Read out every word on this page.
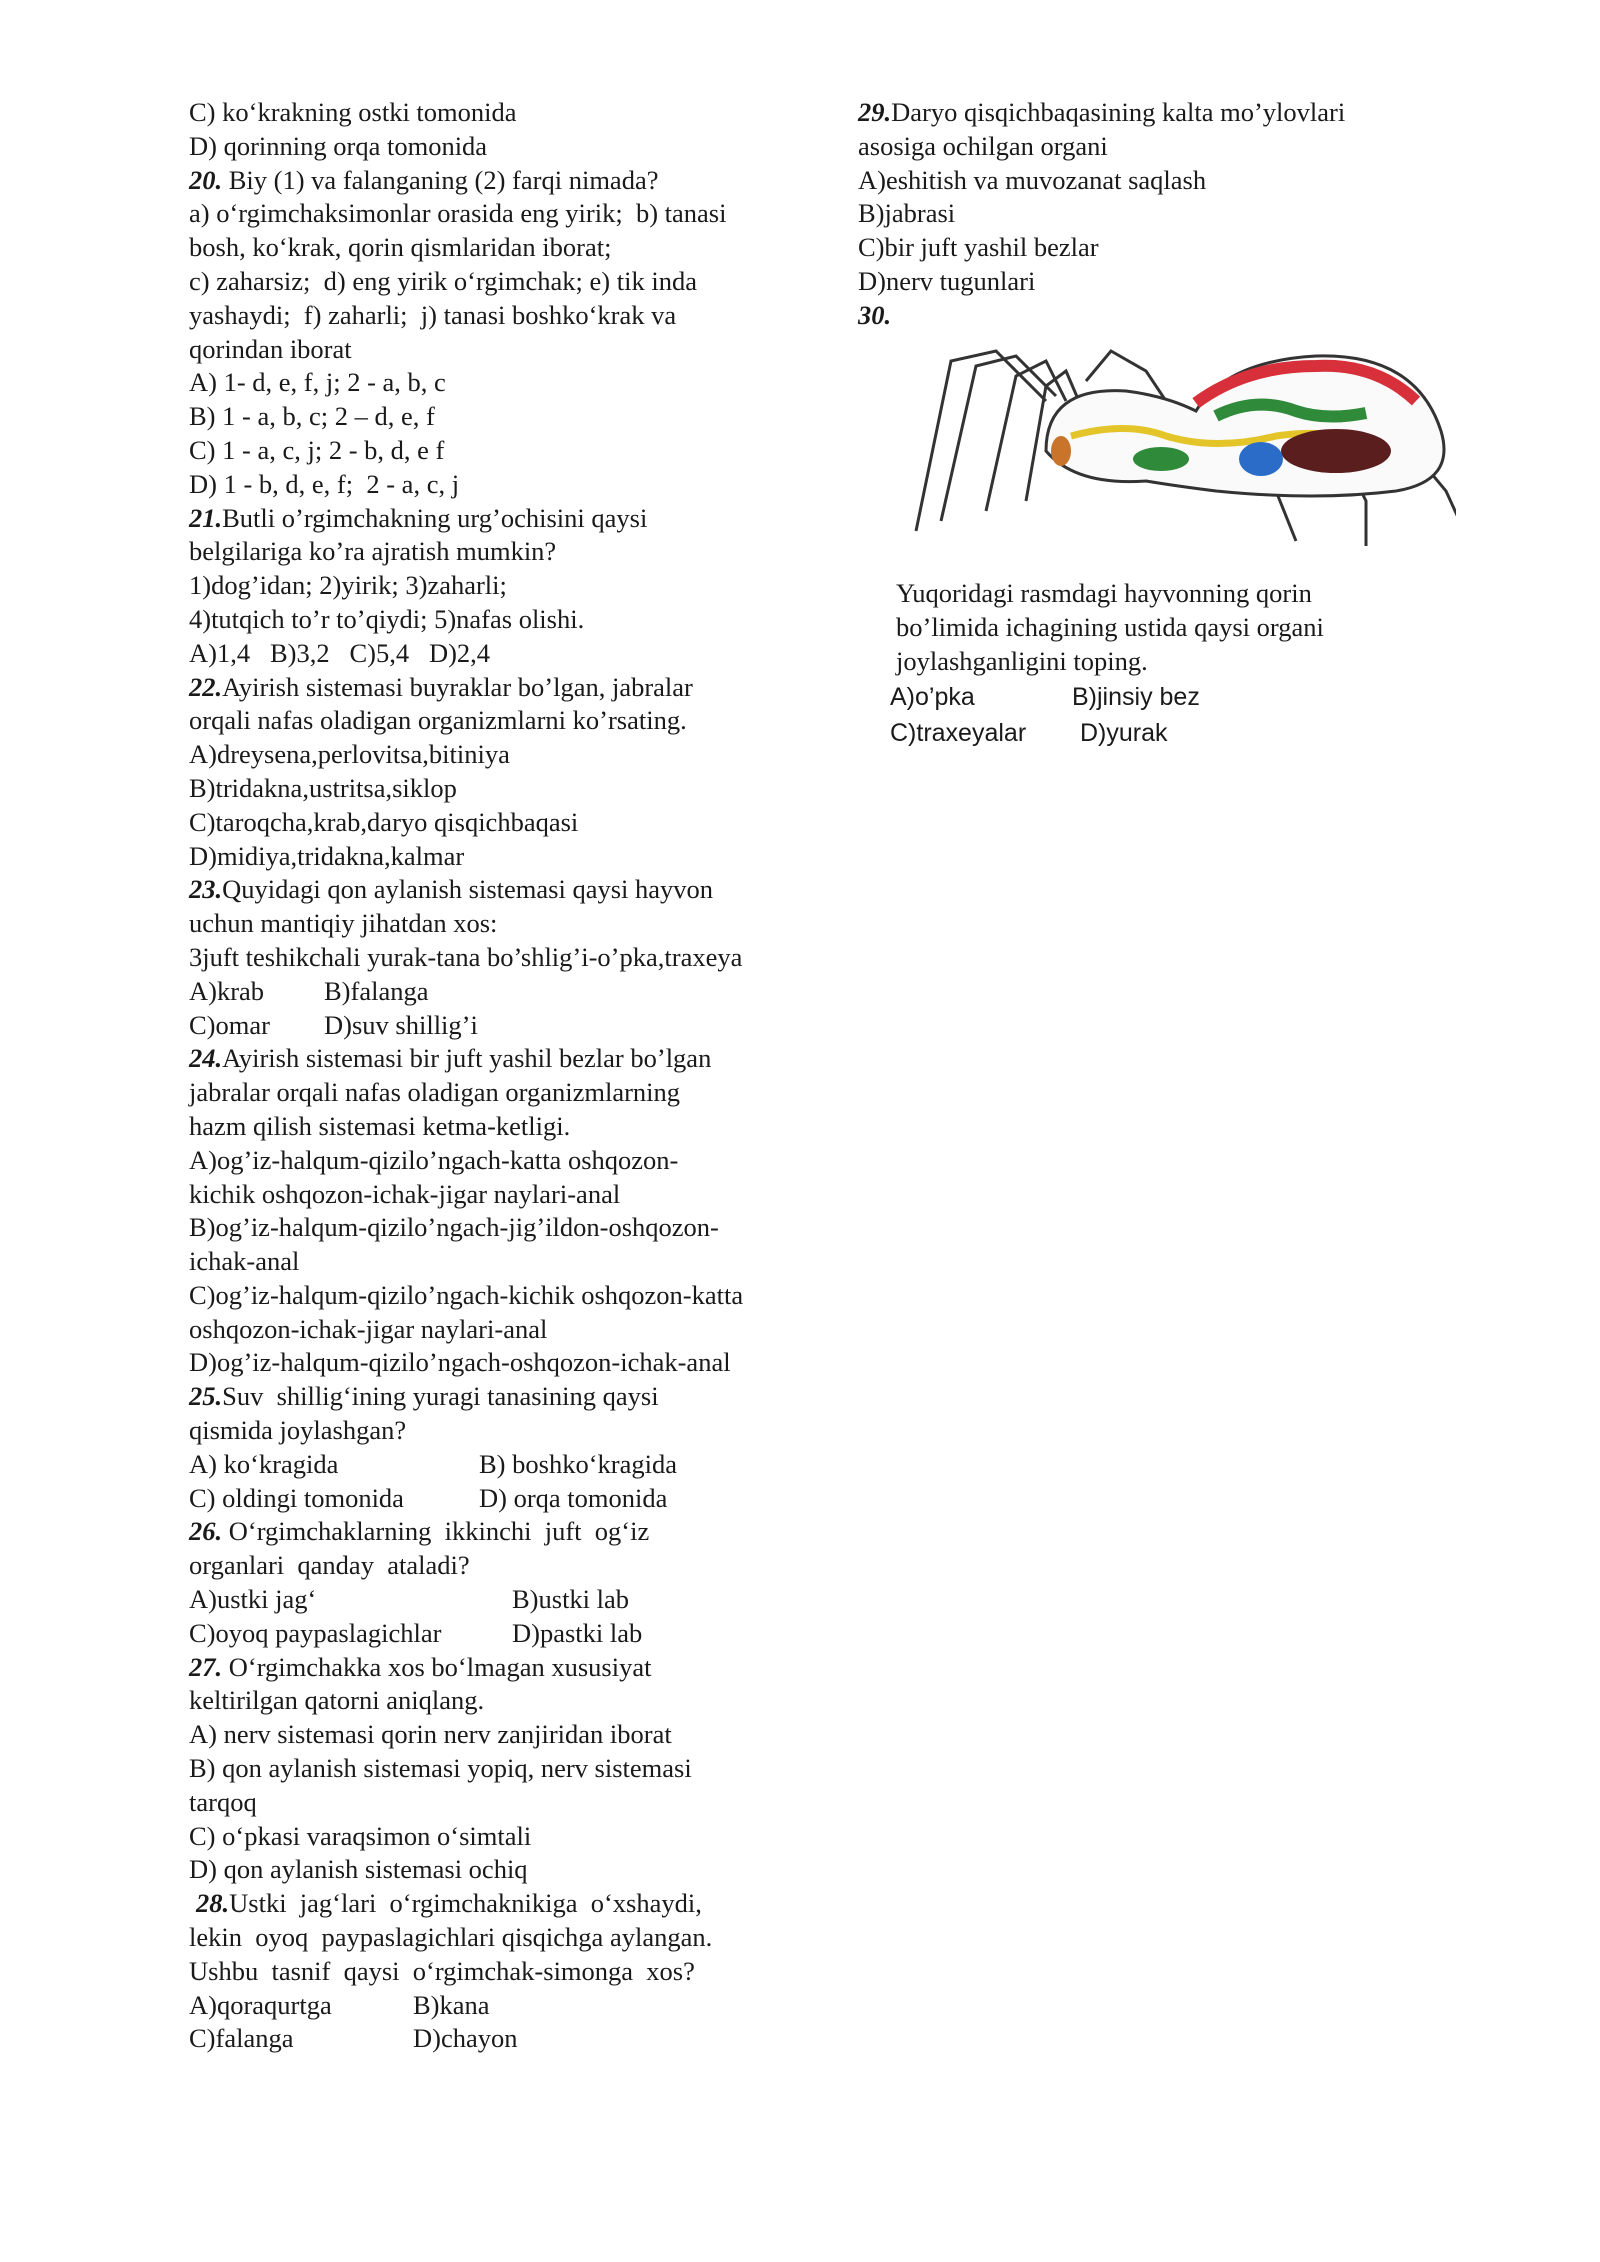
C) ko‘krakning ostki tomonida
D) qorinning orqa tomonida
20. Biy (1) va falanganing (2) farqi nimada?
a) o‘rgimchaksimonlar orasida eng yirik;  b) tanasi
bosh, ko‘krak, qorin qismlaridan iborat;
c) zaharsiz;  d) eng yirik o‘rgimchak; e) tik inda
yashaydi;  f) zaharli;  j) tanasi boshko‘krak va
qorindan iborat
A) 1- d, e, f, j; 2 - a, b, c
B) 1 - a, b, c; 2 – d, e, f
C) 1 - a, c, j; 2 - b, d, e f
D) 1 - b, d, e, f;  2 - a, c, j
21.Butli o’rgimchakning urg’ochisini qaysi
belgilariga ko’ra ajratish mumkin?
1)dog’idan; 2)yirik; 3)zaharli;
4)tutqich to’r to’qiydi; 5)nafas olishi.
A)1,4   B)3,2   C)5,4   D)2,4
22.Ayirish sistemasi buyraklar bo’lgan, jabralar
orqali nafas oladigan organizmlarni ko’rsating.
A)dreysena,perlovitsa,bitiniya
B)tridakna,ustritsa,siklop
C)taroqcha,krab,daryo qisqichbaqasi
D)midiya,tridakna,kalmar
23.Quyidagi qon aylanish sistemasi qaysi hayvon
uchun mantiqiy jihatdan xos:
3juft teshikchali yurak-tana bo’shlig’i-o’pka,traxeya
A)krab	B)falanga
C)omar	D)suv shillig’i
24.Ayirish sistemasi bir juft yashil bezlar bo’lgan
jabralar orqali nafas oladigan organizmlarning
hazm qilish sistemasi ketma-ketligi.
A)og’iz-halqum-qizilo’ngach-katta oshqozon-
kichik oshqozon-ichak-jigar naylari-anal
B)og’iz-halqum-qizilo’ngach-jig’ildon-oshqozon-
ichak-anal
C)og’iz-halqum-qizilo’ngach-kichik oshqozon-katta
oshqozon-ichak-jigar naylari-anal
D)og’iz-halqum-qizilo’ngach-oshqozon-ichak-anal
25.Suv  shillig‘ining yuragi tanasining qaysi
qismida joylashgan?
A) ko‘kragida	B) boshko‘kragida
C) oldingi tomonida	D) orqa tomonida
26. O‘rgimchaklarning  ikkinchi  juft  og‘iz
organlari  qanday  ataladi?
A)ustki jag‘	B)ustki lab
C)oyoq paypaslagichlar	D)pastki lab
27. O‘rgimchakka xos bo‘lmagan xususiyat
keltirilgan qatorni aniqlang.
A) nerv sistemasi qorin nerv zanjiridan iborat
B) qon aylanish sistemasi yopiq, nerv sistemasi
tarqoq
C) o‘pkasi varaqsimon o‘simtali
D) qon aylanish sistemasi ochiq
28.Ustki  jag‘lari  o‘rgimchaknikiga  o‘xshaydi,
lekin  oyoq  paypaslagichlari qisqichga aylangan.
Ushbu  tasnif  qaysi  o‘rgimchak-simonga  xos?
A)qoraqurtga	B)kana
C)falanga	D)chayon
29.Daryo qisqichbaqasining kalta mo’ylovlari
asosiga ochilgan organi
A)eshitish va muvozanat saqlash
B)jabrasi
C)bir juft yashil bezlar
D)nerv tugunlari
30.
Yuqoridagi rasmdagi hayvonning qorin
bo’limida ichagining ustida qaysi organi
joylashganligini toping.
A)o’pka	B)jinsiy bez
C)traxeyalar	D)yurak
